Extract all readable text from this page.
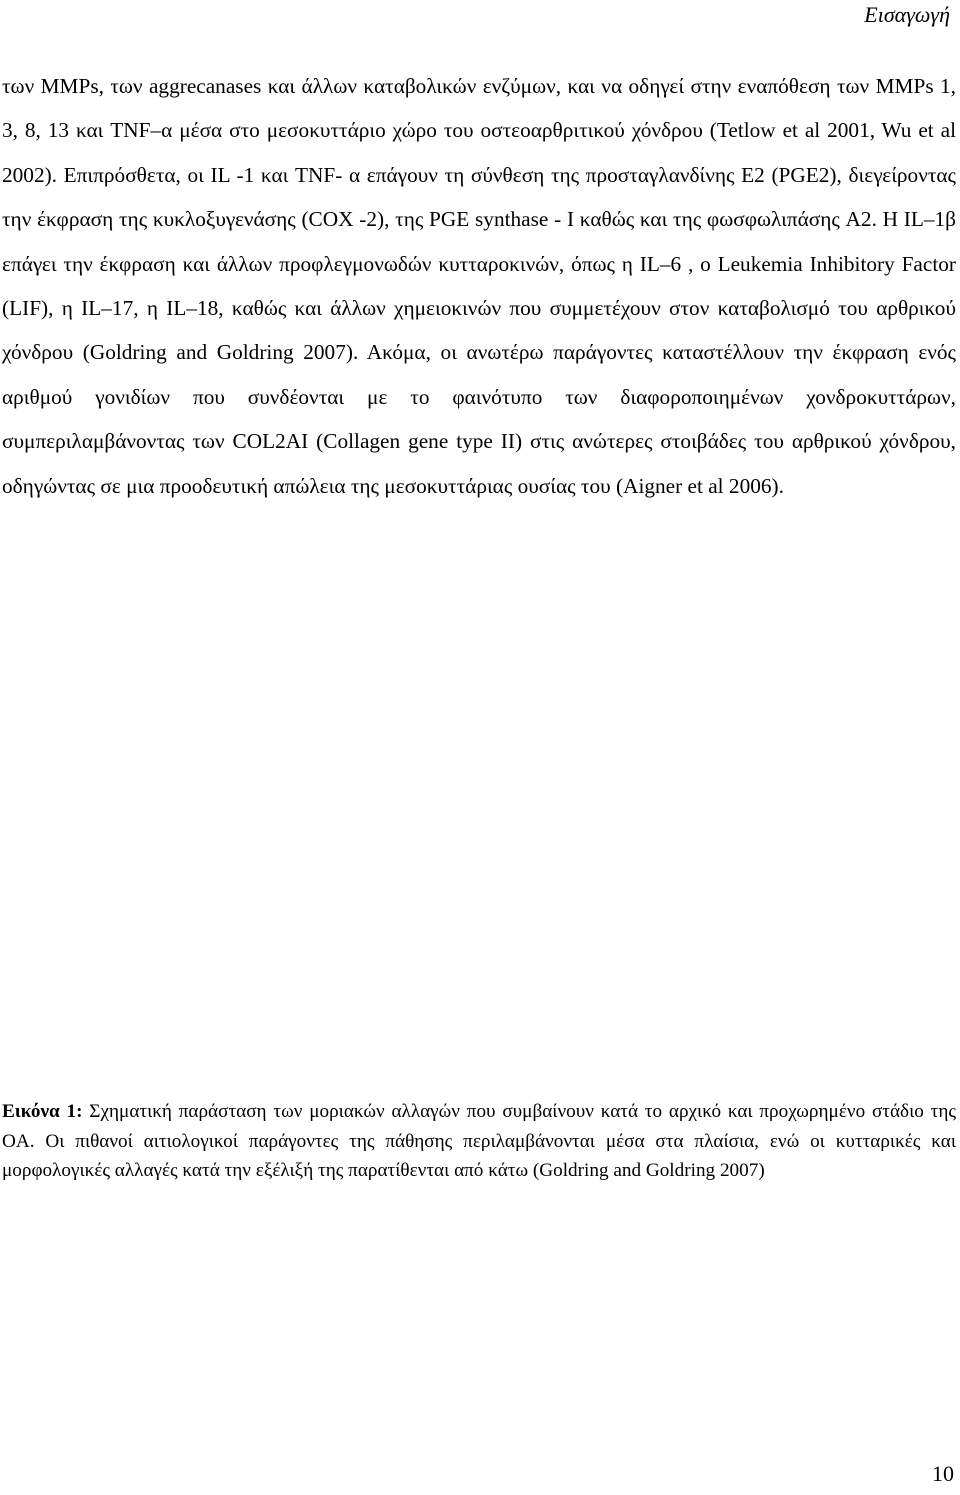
Εισαγωγή

των MMPs, των aggrecanases και άλλων καταβολικών ενζύμων, και να οδηγεί στην εναπόθεση των MMPs 1, 3, 8, 13 και TNF–α μέσα στο μεσοκυττάριο χώρο του οστεοαρθριτικού χόνδρου (Tetlow et al 2001, Wu et al 2002). Επιπρόσθετα, οι IL -1 και TNF- α επάγουν τη σύνθεση της προσταγλανδίνης E2 (PGE2), διεγείροντας την έκφραση της κυκλοξυγενάσης (COX -2), της PGE synthase - I καθώς και της φωσφωλιπάσης A2. Η IL–1β επάγει την έκφραση και άλλων προφλεγμονωδών κυτταροκινών, όπως η IL–6 , ο Leukemia Inhibitory Factor (LIF), η IL–17, η IL–18, καθώς και άλλων χημειοκινών που συμμετέχουν στον καταβολισμό του αρθρικού χόνδρου (Goldring and Goldring 2007). Ακόμα, οι ανωτέρω παράγοντες καταστέλλουν την έκφραση ενός αριθμού γονιδίων που συνδέονται με το φαινότυπο των διαφοροποιημένων χονδροκυττάρων, συμπεριλαμβάνοντας των COL2AI (Collagen gene type II) στις ανώτερες στοιβάδες του αρθρικού χόνδρου, οδηγώντας σε μια προοδευτική απώλεια της μεσοκυττάριας ουσίας του (Aigner et al 2006).

Εικόνα 1: Σχηματική παράσταση των μοριακών αλλαγών που συμβαίνουν κατά το αρχικό και προχωρημένο στάδιο της OA. Οι πιθανοί αιτιολογικοί παράγοντες της πάθησης περιλαμβάνονται μέσα στα πλαίσια, ενώ οι κυτταρικές και μορφολογικές αλλαγές κατά την εξέλιξή της παρατίθενται από κάτω (Goldring and Goldring 2007)

10
